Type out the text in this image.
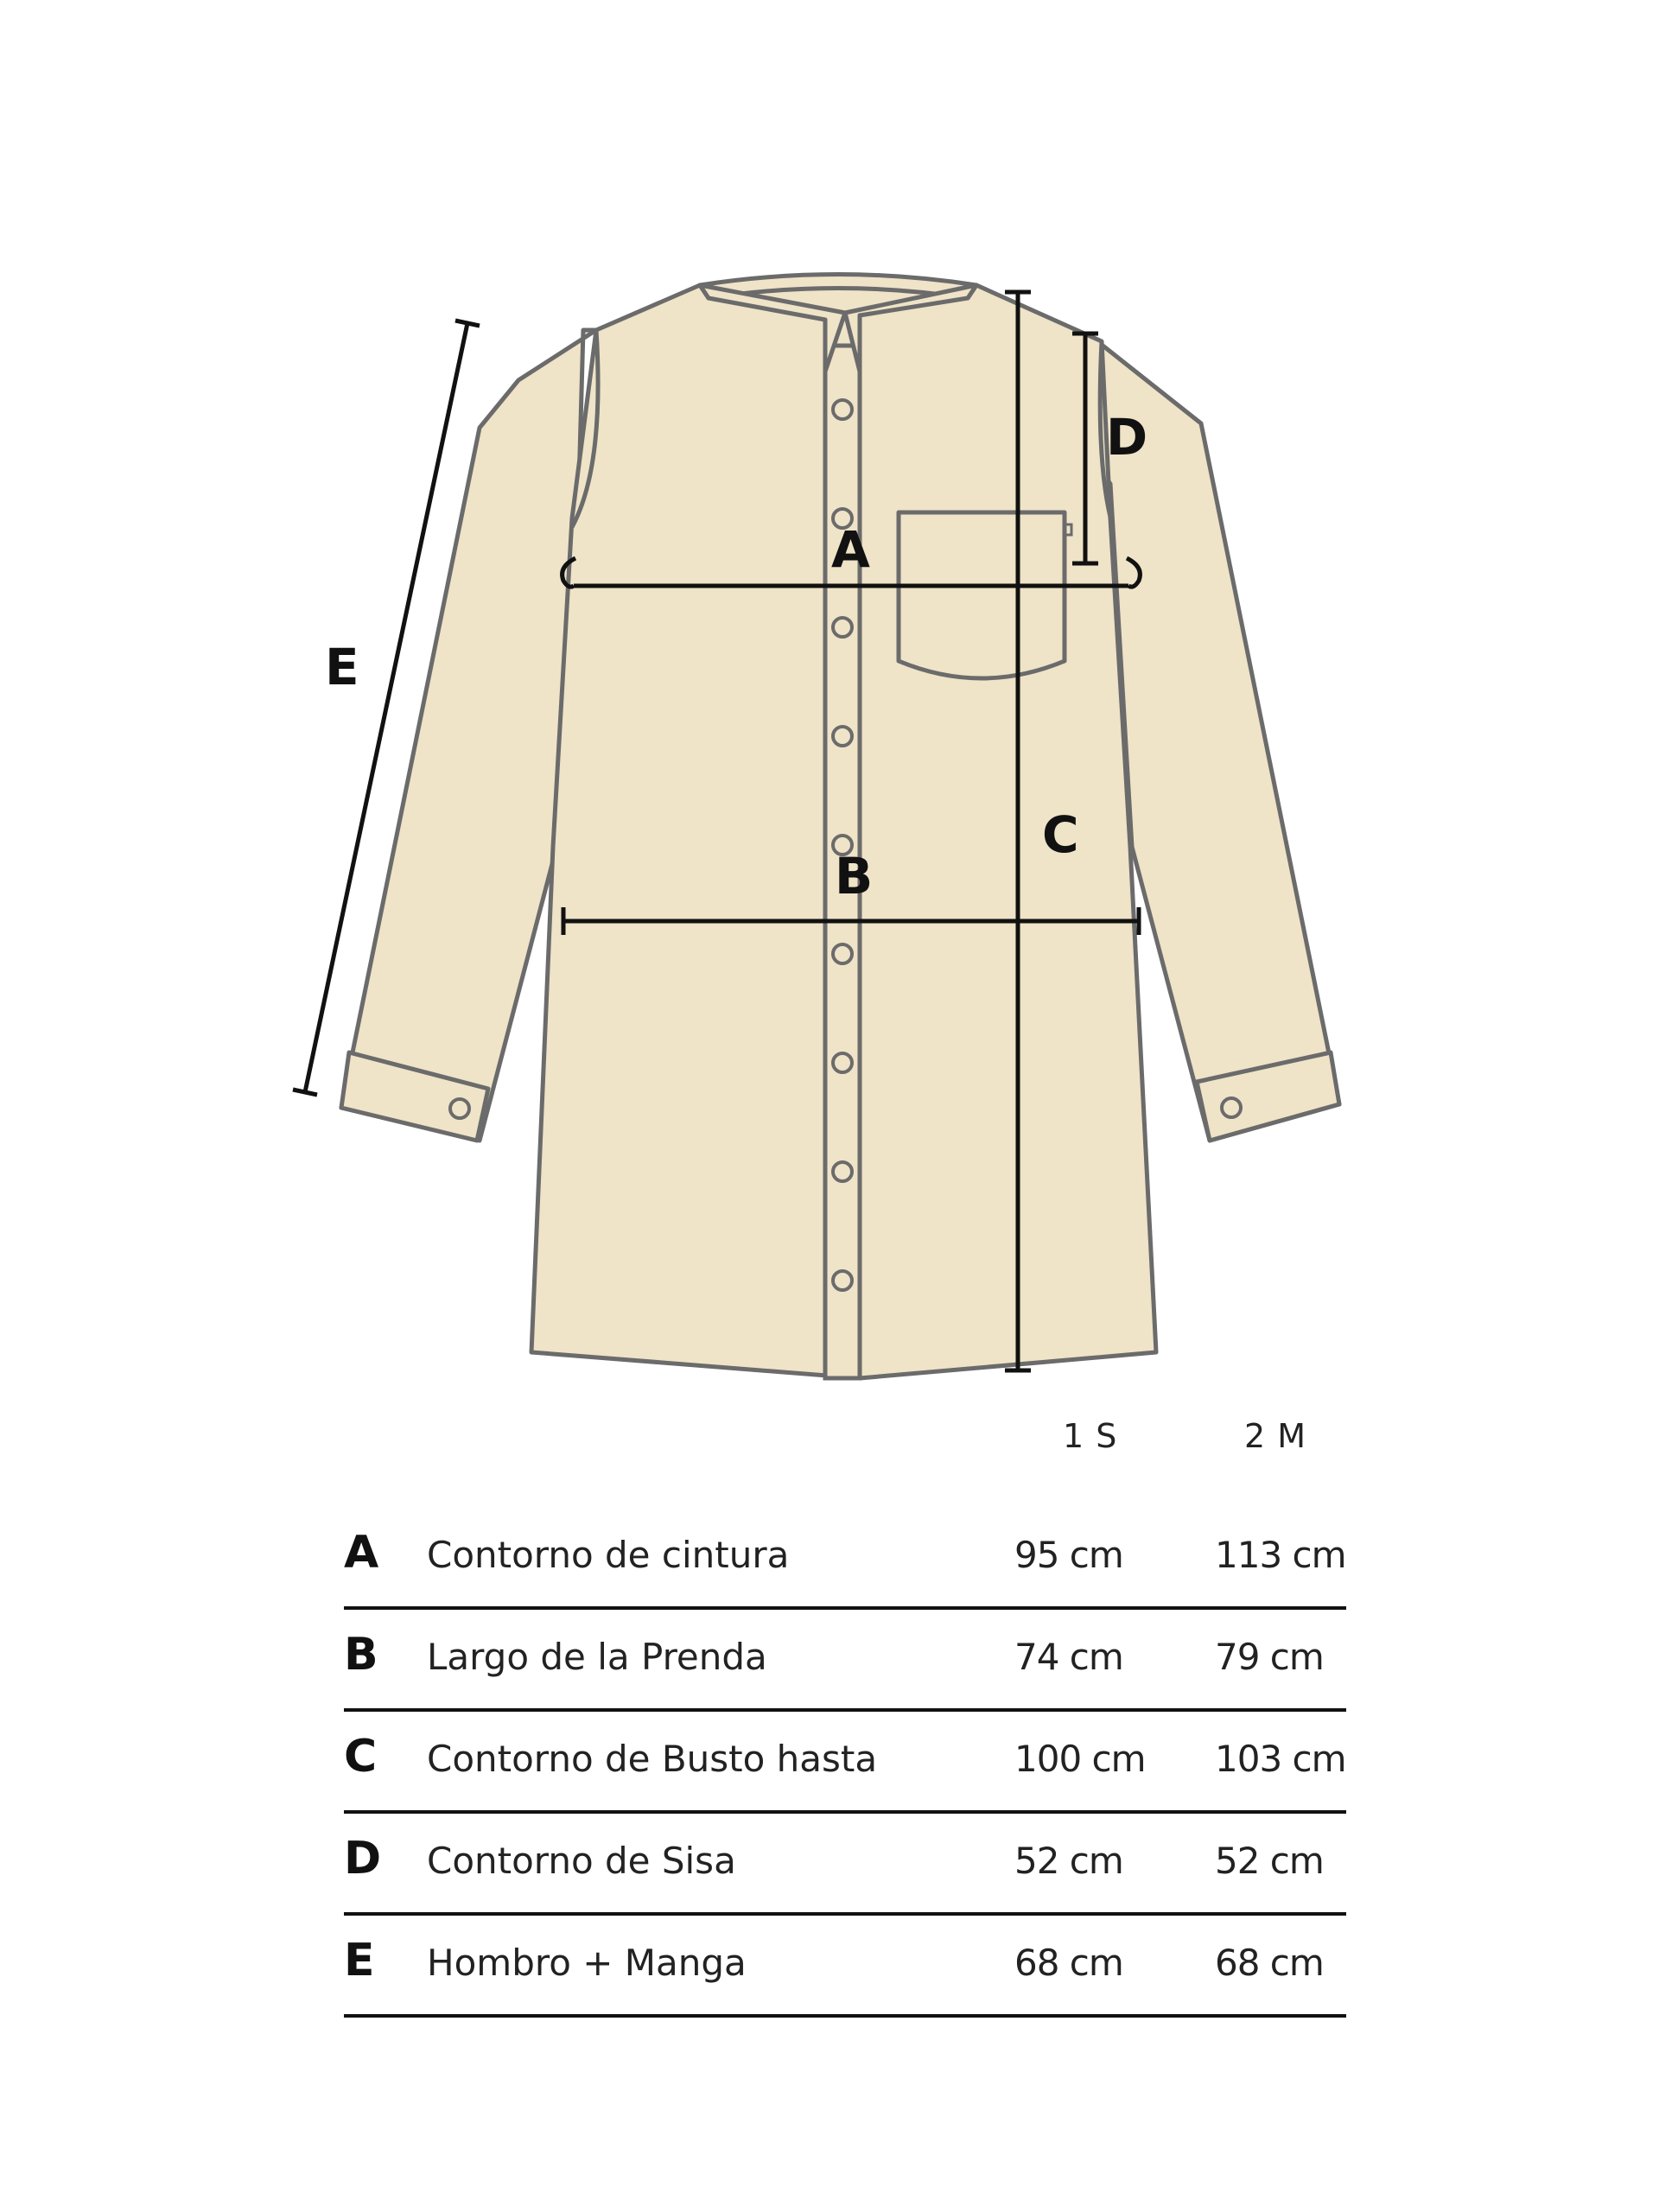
A
B
C
D
E
1 S	2 M
A Contorno de cintura	95 cm	113 cm
B Largo de la Prenda	74 cm	79 cm
C Contorno de Busto hasta	100 cm 103 cm
D Contorno de Sisa	52 cm	52 cm
E Hombro + Manga	68 cm	68 cm
